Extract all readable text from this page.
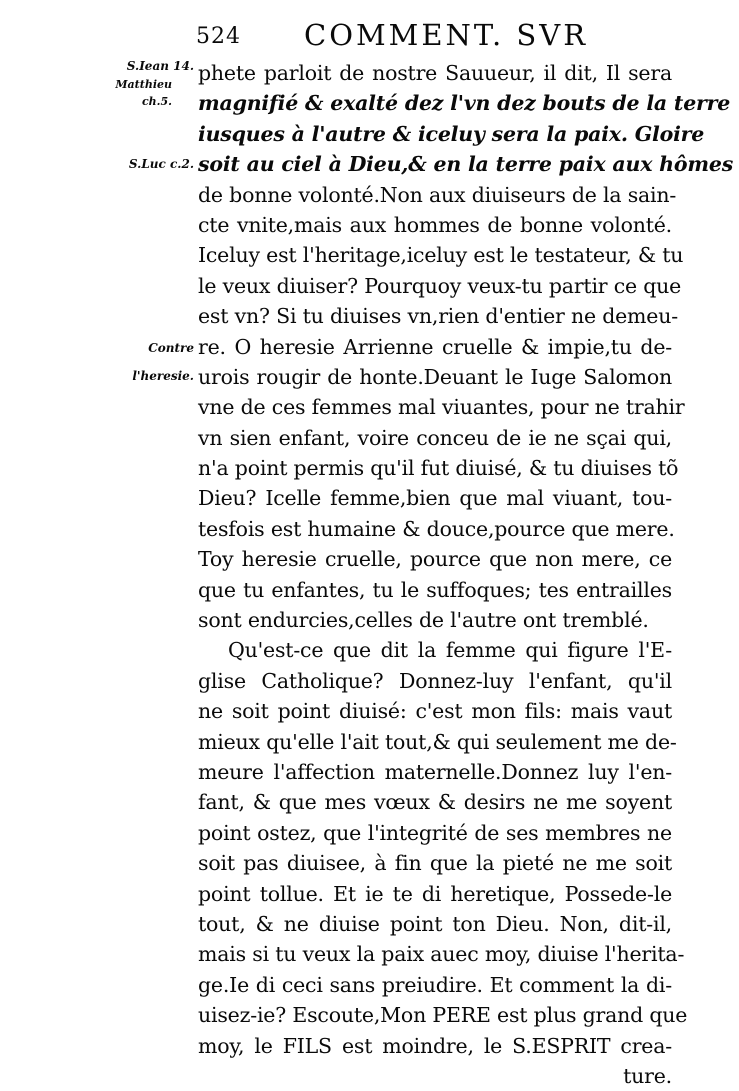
524 COMMENT. SVR
S.Iean 14.
Matthieu ch.5.
S.Luc c.2.
Contre
l'heresie.
phete parloit de nostre Sauueur, il dit, Il sera
magnifié & exalté dez l'vn dez bouts de la terre
iusques à l'autre & iceluy sera la paix. Gloire
soit au ciel à Dieu,& en la terre paix aux hômes
de bonne volonté.Non aux diuiseurs de la sain-
cte vnite,mais aux hommes de bonne volonté.
Iceluy est l'heritage,iceluy est le testateur, & tu
le veux diuiser? Pourquoy veux-tu partir ce que
est vn? Si tu diuises vn,rien d'entier ne demeu-
re. O heresie Arrienne cruelle & impie,tu de-
urois rougir de honte.Deuant le Iuge Salomon
vne de ces femmes mal viuantes, pour ne trahir
vn sien enfant, voire conceu de ie ne sçai qui,
n'a point permis qu'il fut diuisé, & tu diuises tõ
Dieu? Icelle femme,bien que mal viuant, tou-
tesfois est humaine & douce,pource que mere.
Toy heresie cruelle, pource que non mere, ce
que tu enfantes, tu le suffoques; tes entrailles
sont endurcies,celles de l'autre ont tremblé.
Qu'est-ce que dit la femme qui figure l'E-
glise Catholique? Donnez-luy l'enfant, qu'il
ne soit point diuisé: c'est mon fils: mais vaut
mieux qu'elle l'ait tout,& qui seulement me de-
meure l'affection maternelle.Donnez luy l'en-
fant, & que mes vœux & desirs ne me soyent
point ostez, que l'integrité de ses membres ne
soit pas diuisee, à fin que la pieté ne me soit
point tollue. Et ie te di heretique, Possede-le
tout, & ne diuise point ton Dieu. Non, dit-il,
mais si tu veux la paix auec moy, diuise l'herita-
ge.Ie di ceci sans preiudire. Et comment la di-
uisez-ie? Escoute,Mon PERE est plus grand que
moy, le FILS est moindre, le S.ESPRIT crea-
ture.
